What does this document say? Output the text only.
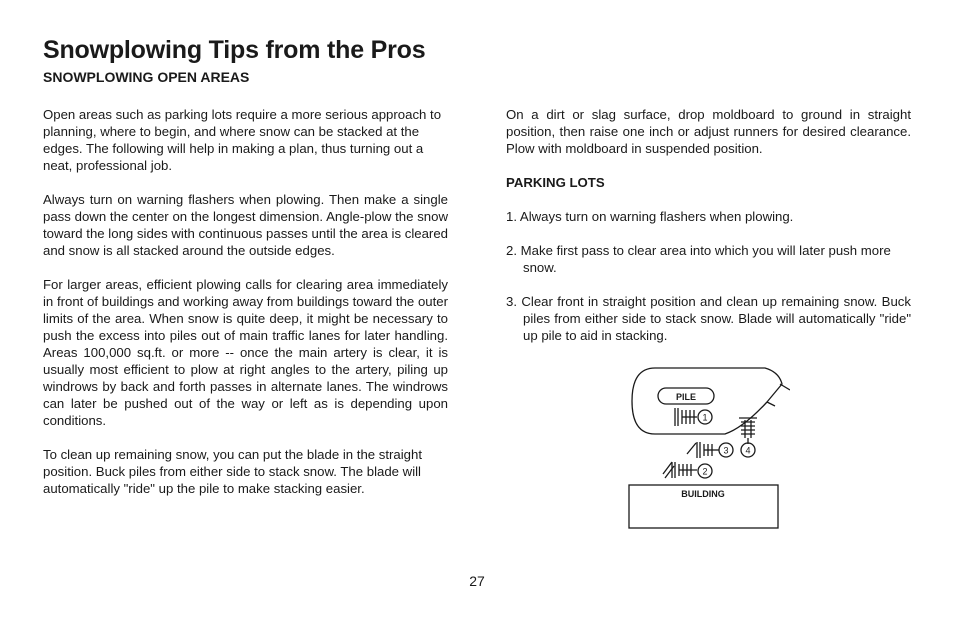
Snowplowing Tips from the Pros
SNOWPLOWING OPEN AREAS

Open areas such as parking lots require a more serious approach to planning, where to begin, and where snow can be stacked at the edges. The following will help in making a plan, thus turning out a neat, professional job.

Always turn on warning flashers when plowing. Then make a single pass down the center on the longest dimension. Angle-plow the snow toward the long sides with continuous passes until the area is cleared and snow is all stacked around the outside edges.

For larger areas, efficient plowing calls for clearing area immediately in front of buildings and working away from buildings toward the outer limits of the area. When snow is quite deep, it might be necessary to push the excess into piles out of main traffic lanes for later handling. Areas 100,000 sq.ft. or more -- once the main artery is clear, it is usually most efficient to plow at right angles to the artery, piling up windrows by back and forth passes in alternate lanes. The windrows can later be pushed out of the way or left as is depending upon conditions.

To clean up remaining snow, you can put the blade in the straight position. Buck piles from either side to stack snow. The blade will automatically "ride" up the pile to make stacking easier.

On a dirt or slag surface, drop moldboard to ground in straight position, then raise one inch or adjust runners for desired clearance. Plow with moldboard in suspended position.

PARKING LOTS

1. Always turn on warning flashers when plowing.

2. Make first pass to clear area into which you will later push more snow.

3. Clear front in straight position and clean up remaining snow. Buck piles from either side to stack snow. Blade will automatically "ride" up pile to aid in stacking.

PILE
BUILDING
1
2
3 4
27
